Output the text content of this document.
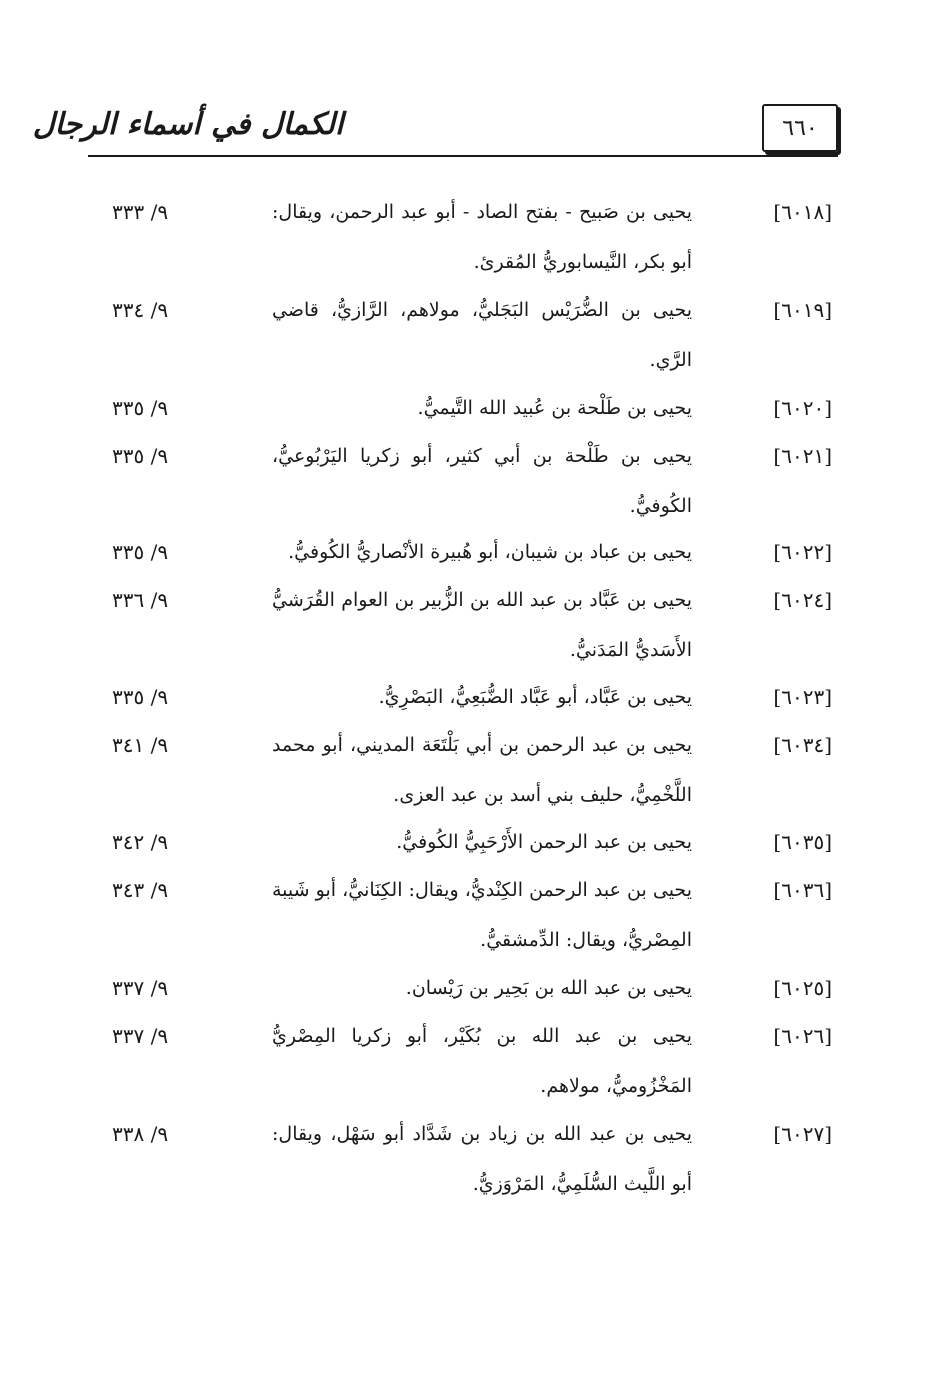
٦٦٠
الكمال في أسماء الرجال
[٦٠١٨]
يحيى بن صَبيح - بفتح الصاد - أبو عبد الرحمن، ويقال: أبو بكر، النَّيسابوريُّ المُقرئ.
٩/ ٣٣٣
[٦٠١٩]
يحيى بن الضُّرَيْس البَجَليُّ، مولاهم، الرَّازيُّ، قاضي الرَّي.
٩/ ٣٣٤
[٦٠٢٠]
يحيى بن طَلْحة بن عُبيد الله التَّيميُّ.
٩/ ٣٣٥
[٦٠٢١]
يحيى بن طَلْحة بن أبي كثير، أبو زكريا اليَرْبُوعيُّ، الكُوفيُّ.
٩/ ٣٣٥
[٦٠٢٢]
يحيى بن عباد بن شيبان، أبو هُبيرة الأنْصاريُّ الكُوفيُّ.
٩/ ٣٣٥
[٦٠٢٤]
يحيى بن عَبَّاد بن عبد الله بن الزُّبير بن العوام القُرَشيُّ الأَسَديُّ المَدَنيُّ.
٩/ ٣٣٦
[٦٠٢٣]
يحيى بن عَبَّاد، أبو عَبَّاد الضُّبَعِيُّ، البَصْرِيُّ.
٩/ ٣٣٥
[٦٠٣٤]
يحيى بن عبد الرحمن بن أبي بَلْتَعَة المديني، أبو محمد اللَّخْمِيُّ، حليف بني أسد بن عبد العزى.
٩/ ٣٤١
[٦٠٣٥]
يحيى بن عبد الرحمن الأَرْحَبِيُّ الكُوفيُّ.
٩/ ٣٤٢
[٦٠٣٦]
يحيى بن عبد الرحمن الكِنْديُّ، ويقال: الكِنَانيُّ، أبو شَيبة المِصْريُّ، ويقال: الدِّمشقيُّ.
٩/ ٣٤٣
[٦٠٢٥]
يحيى بن عبد الله بن بَحِير بن رَيْسان.
٩/ ٣٣٧
[٦٠٢٦]
يحيى بن عبد الله بن بُكَيْر، أبو زكريا المِصْريُّ المَخْزُوميُّ، مولاهم.
٩/ ٣٣٧
[٦٠٢٧]
يحيى بن عبد الله بن زياد بن شَدَّاد أبو سَهْل، ويقال: أبو اللَّيث السُّلَمِيُّ، المَرْوَزيُّ.
٩/ ٣٣٨
